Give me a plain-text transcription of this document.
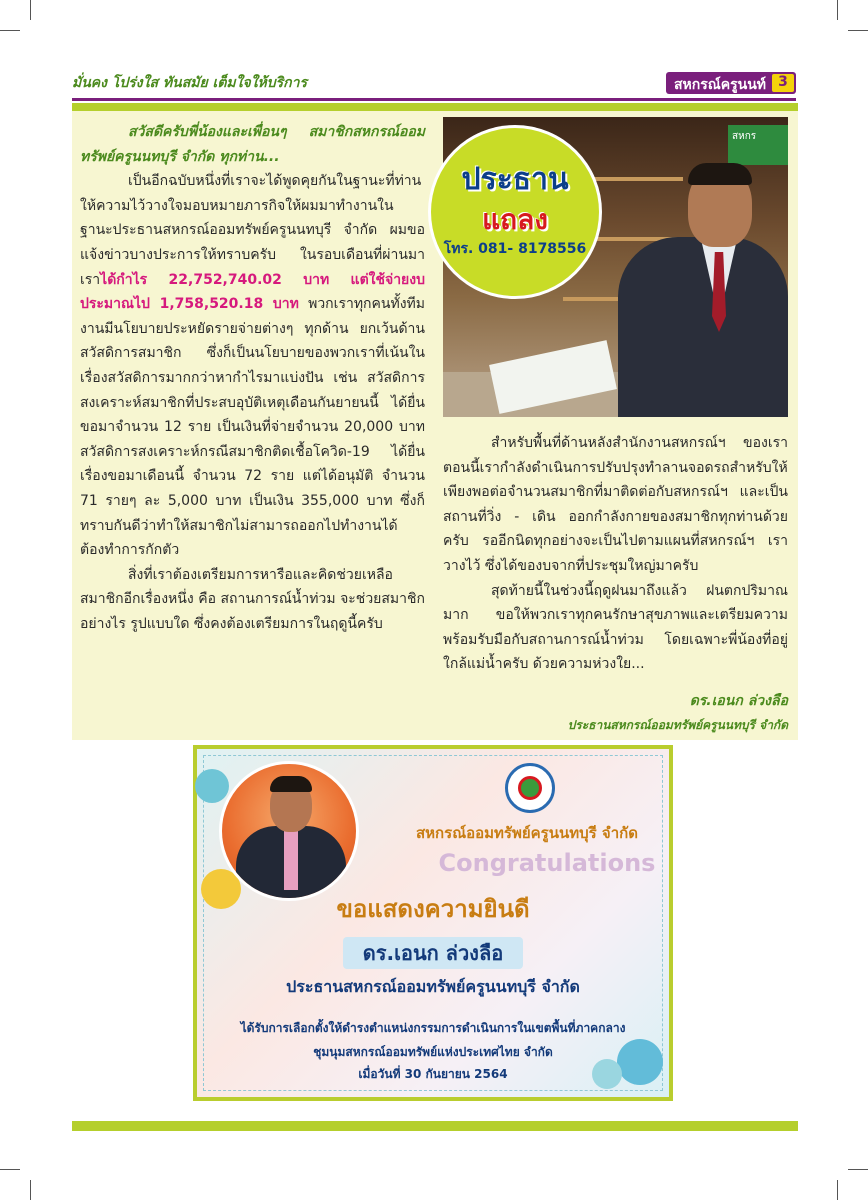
มั่นคง โปร่งใส ทันสมัย เต็มใจให้บริการ	สหกรณ์ครูนนท์ 3

สวัสดีครับพี่น้องและเพื่อนๆ สมาชิกสหกรณ์ออมทรัพย์ครูนนทบุรี จำกัด ทุกท่าน...

เป็นอีกฉบับหนึ่งที่เราจะได้พูดคุยกันในฐานะที่ท่านให้ความไว้วางใจมอบหมายภารกิจให้ผมมาทำงานในฐานะประธานสหกรณ์ออมทรัพย์ครูนนทบุรี จำกัด ผมขอแจ้งข่าวบางประการให้ทราบครับ ในรอบเดือนที่ผ่านมาเราได้กำไร 22,752,740.02 บาท แต่ใช้จ่ายงบประมาณไป 1,758,520.18 บาท พวกเราทุกคนทั้งทีมงานมีนโยบายประหยัดรายจ่ายต่างๆ ทุกด้าน ยกเว้นด้านสวัสดิการสมาชิก ซึ่งก็เป็นนโยบายของพวกเราที่เน้นในเรื่องสวัสดิการมากกว่าหากำไรมาแบ่งปัน เช่น สวัสดิการสงเคราะห์สมาชิกที่ประสบอุบัติเหตุเดือนกันยายนนี้ ได้ยื่นขอมาจำนวน 12 ราย เป็นเงินที่จ่ายจำนวน 20,000 บาท สวัสดิการสงเคราะห์กรณีสมาชิกติดเชื้อโควิด-19 ได้ยื่นเรื่องขอมาเดือนนี้ จำนวน 72 ราย แต่ได้อนุมัติ จำนวน 71 รายๆ ละ 5,000 บาท เป็นเงิน 355,000 บาท ซึ่งก็ทราบกันดีว่าทำให้สมาชิกไม่สามารถออกไปทำงานได้ ต้องทำการกักตัว

สิ่งที่เราต้องเตรียมการหารือและคิดช่วยเหลือสมาชิกอีกเรื่องหนึ่ง คือ สถานการณ์น้ำท่วม จะช่วยสมาชิกอย่างไร รูปแบบใด ซึ่งคงต้องเตรียมการในฤดูนี้ครับ

สหกร
ประธาน
แถลง
โทร. 081- 8178556

สำหรับพื้นที่ด้านหลังสำนักงานสหกรณ์ฯ ของเราตอนนี้เรากำลังดำเนินการปรับปรุงทำลานจอดรถสำหรับให้เพียงพอต่อจำนวนสมาชิกที่มาติดต่อกับสหกรณ์ฯ และเป็นสถานที่วิ่ง - เดิน ออกกำลังกายของสมาชิกทุกท่านด้วยครับ รออีกนิดทุกอย่างจะเป็นไปตามแผนที่สหกรณ์ฯ เราวางไว้ ซึ่งได้ของบจากที่ประชุมใหญ่มาครับ

สุดท้ายนี้ในช่วงนี้ฤดูฝนมาถึงแล้ว ฝนตกปริมาณมาก ขอให้พวกเราทุกคนรักษาสุขภาพและเตรียมความพร้อมรับมือกับสถานการณ์น้ำท่วม โดยเฉพาะพี่น้องที่อยู่ใกล้แม่น้ำครับ ด้วยความห่วงใย...

ดร.เอนก ล่วงลือ
ประธานสหกรณ์ออมทรัพย์ครูนนทบุรี จำกัด
สหกรณ์ออมทรัพย์ครูนนทบุรี จำกัด
Congratulations
ขอแสดงความยินดี
ดร.เอนก ล่วงลือ
ประธานสหกรณ์ออมทรัพย์ครูนนทบุรี จำกัด
ได้รับการเลือกตั้งให้ดำรงตำแหน่งกรรมการดำเนินการในเขตพื้นที่ภาคกลาง
ชุมนุมสหกรณ์ออมทรัพย์แห่งประเทศไทย จำกัด
เมื่อวันที่ 30 กันยายน 2564
